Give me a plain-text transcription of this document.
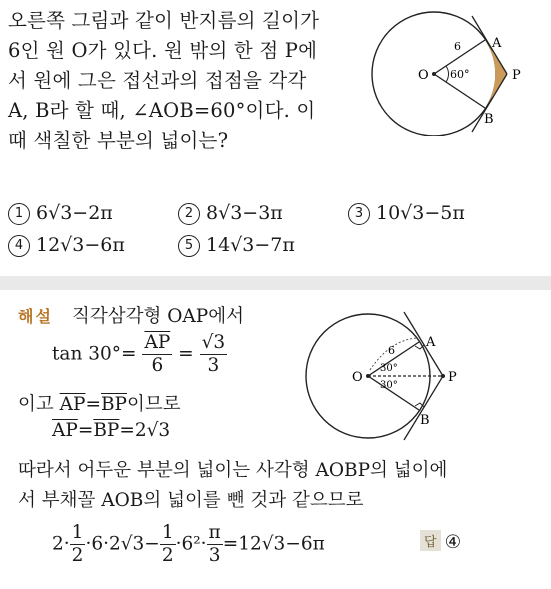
오른쪽 그림과 같이 반지름의 길이가
6인 원 O가 있다. 원 밖의 한 점 P에
서 원에 그은 접선과의 접점을 각각
A, B라 할 때, ∠AOB=60°이다. 이
때 색칠한 부분의 넓이는?
O
A
B
P
6
60°
1 6√3−2π	2 8√3−3π	3 10√3−5π
4 12√3−6π	5 14√3−7π
해설 직각삼각형 OAP에서
$\tan 30^\circ= \frac{\overline{AP}}{6} = \frac{√3}{3}$
이고 $\overline{AP}=\overline{BP}$이므로
$\overline{AP}=\overline{BP}=2√3$
따라서 어두운 부분의 넓이는 사각형 AOBP의 넓이에
서 부채꼴 AOB의 넓이를 뺀 것과 같으므로
$2\cdot \frac{1}{2} \cdot 6\cdot 2√3- \frac{1}{2} \cdot 6^2\cdot \frac{\pi}{3} =12√3-6\pi$	답 ④
O
A
B
P
6
30°
30°
